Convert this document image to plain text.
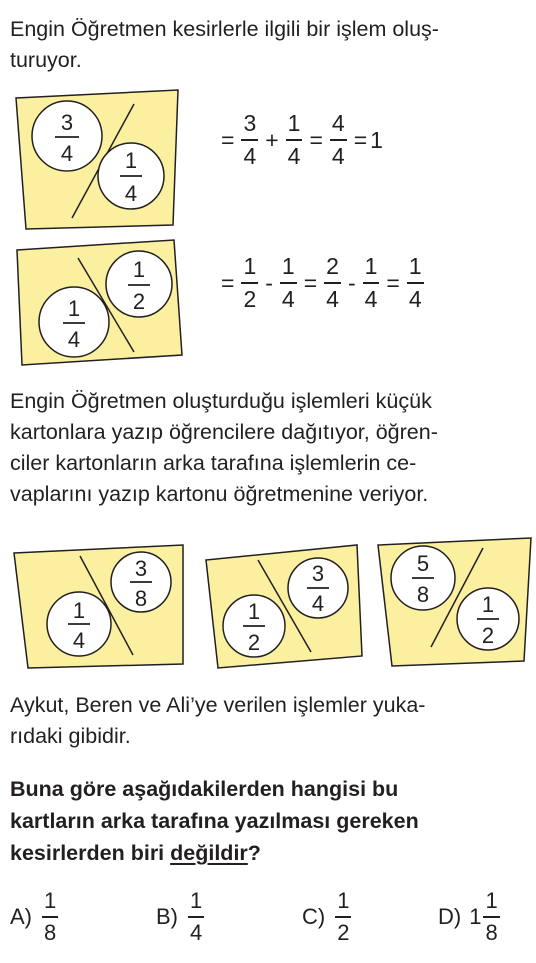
Engin Öğretmen kesirlerle ilgili bir işlem oluş-
turuyor.
3
4 1
4
1
2
1
4
3
8
1
4
3
4
1
2
5
8 1
2
= $\frac{3}{4} + \frac{1}{4} = \frac{4}{4} = 1$
= $\frac{1}{2} - \frac{1}{4} = \frac{2}{4} - \frac{1}{4} = \frac{1}{4}$
Engin Öğretmen oluşturduğu işlemleri küçük
kartonlara yazıp öğrencilere dağıtıyor, öğren-
ciler kartonların arka tarafına işlemlerin ce-
vaplarını yazıp kartonu öğretmenine veriyor.
Aykut, Beren ve Ali’ye verilen işlemler yuka-
rıdaki gibidir.
Buna göre aşağıdakilerden hangisi bu
kartların arka tarafına yazılması gereken
kesirlerden biri değildir?
$A) \frac{1}{8}$	$B) \frac{1}{4}$	$C) \frac{1}{2}$	D) $1 \frac{1}{8}$
